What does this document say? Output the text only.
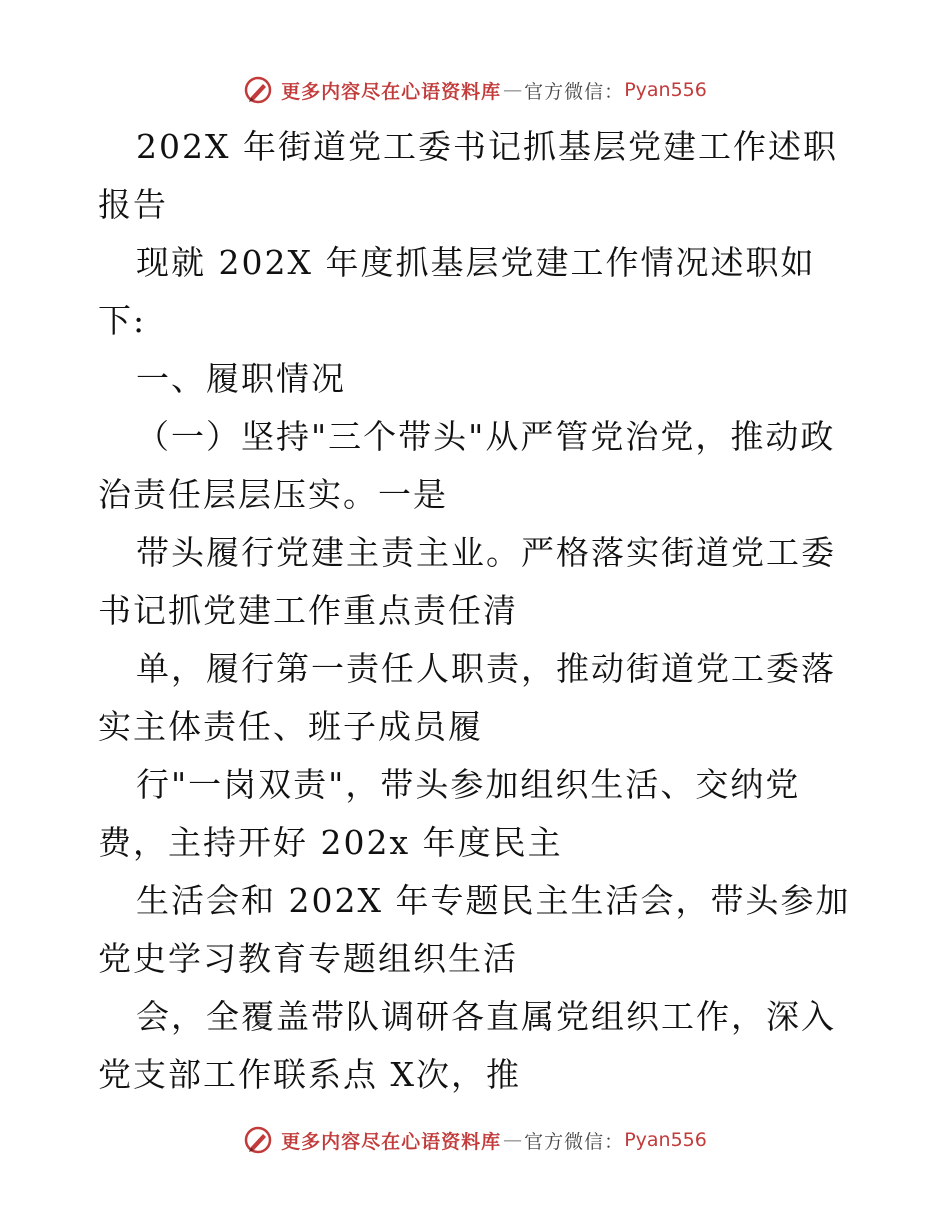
更多内容尽在心语资料库 — 官方微信： Pyan556

202X 年街道党工委书记抓基层党建工作述职报告

现就 202X 年度抓基层党建工作情况述职如下:

一、履职情况

（一）坚持"三个带头"从严管党治党，推动政治责任层层压实。一是

带头履行党建主责主业。严格落实街道党工委书记抓党建工作重点责任清

单，履行第一责任人职责，推动街道党工委落实主体责任、班子成员履

行"一岗双责"，带头参加组织生活、交纳党费，主持开好 202x 年度民主

生活会和 202X 年专题民主生活会，带头参加党史学习教育专题组织生活

会，全覆盖带队调研各直属党组织工作，深入党支部工作联系点 X次，推

更多内容尽在心语资料库 — 官方微信： Pyan556
